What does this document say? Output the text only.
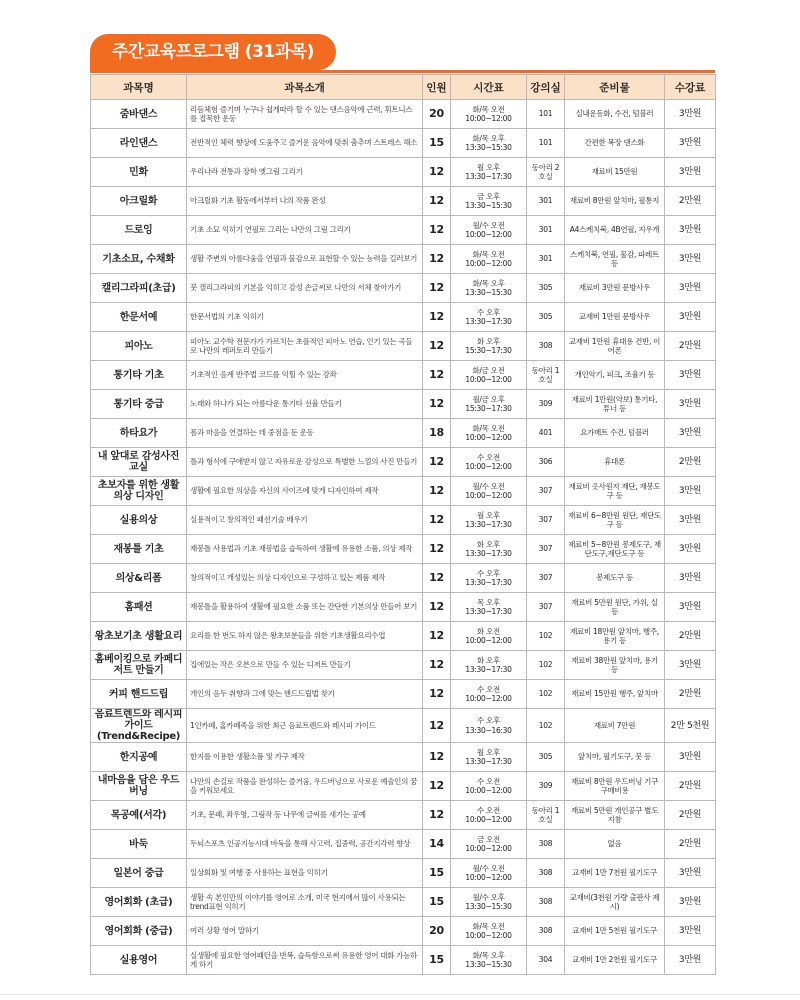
주간교육프로그램 (31과목)
과목명	과목소개	인원	시간표	강의실	준비물	수강료
줌바댄스	리듬체험 즐기며 누구나 쉽게따라 할 수 있는 댄스음악에 근력, 휘트니스를 접목한 운동	20	화/목 오전 10:00~12:00	101	실내운동화, 수건, 텀블러	3만원
라인댄스	전반적인 체력 향상에 도움주고 즐거운 음악에 맞춰 춤추며 스트레스 해소	15	화/목 오후 13:30~15:30	101	간편한 복장 댄스화	3만원
민화	우리나라 전통과 장학 옛그림 그리기	12	월 오후 13:30~17:30	동아리 2호실	재료비 15만원	3만원
아크릴화	아크릴화 기초 활동에서부터 나의 작품 완성	12	금 오후 13:30~15:30	301	재료비 8만원 앞치마, 필통지	2만원
드로잉	기초 소묘 익히기 연필로 그리는 나만의 그림 그리기	12	월/수 오전 10:00~12:00	301	A4스케치북, 4B연필, 지우개	3만원
기초소묘, 수채화	생활 주변의 아름다움을 연필과 물감으로 표현할 수 있는 능력을 길러보기	12	화/목 오전 10:00~12:00	301	스케치북, 연필, 물감, 파레트 등	3만원
캘리그라피(초급)	붓 캘리그라피의 기본을 익히고 감성 손글씨로 나만의 서체 찾아가기	12	화/목 오후 13:30~15:30	305	재료비 3만원 문방사우	3만원
한문서예	한문서법의 기초 익히기	12	수 오후 13:30~17:30	305	교재비 1만원 문방사우	3만원
피아노	피아노 교수학 전문가가 가르치는 초플적인 피아노 연습, 인기 있는 곡들로 나만의 레퍼토리 만들기	12	화 오후 15:30~17:30	308	교재비 1만원 휴대용 건반, 이어폰	2만원
통기타 기초	기초적인 음계 반주법 코드를 익힐 수 있는 강좌	12	화/금 오전 10:00~12:00	동아리 1호실	개인악기, 피크, 조율기 등	3만원
통기타 중급	노래와 하나가 되는 아름다운 통기타 선율 만들기	12	월/금 오후 15:30~17:30	309	재료비 1만원(악보) 통기타, 튜너 등	3만원
하타요가	몸과 마음을 연결하는 데 중점을 둔 운동	18	화/목 오전 10:00~12:00	401	요가매트 수건, 텀블러	3만원
내 앞대로 감성사진 교실	틀과 형식에 구애받지 않고 자유로운 감성으로 특별한 느낌의 사진 만들기	12	수 오전 10:00~12:00	306	휴대폰	2만원
초보자를 위한 생활의상 디자인	생활에 필요한 의상을 자신의 사이즈에 맞게 디자인하여 제작	12	월/수 오전 10:00~12:00	307	재료비 옷사원지 재단, 재봉도구 등	3만원
실용의상	실용적이고 창의적인 패션기술 배우기	12	월 오후 13:30~17:30	307	재료비 6~8만원 원단, 재단도구 등	3만원
재봉틀 기초	재봉틀 사용법과 기초 재봉법을 습득하여 생활에 유용한 소품, 의상 제작	12	화 오후 13:30~17:30	307	재료비 5~8만원 봉제도구, 재단도구,재단도구 등	3만원
의상&리폼	창의적이고 개성있는 의상 디자인으로 구성하고 있는 제품 제작	12	수 오후 13:30~17:30	307	봉제도구 등	3만원
홈패션	재봉틀을 활용하여 생활에 필요한 소품 또는 간단한 기본의상 만들어 보기	12	목 오후 13:30~17:30	307	재료비 5만원 원단, 가위, 실 등	3만원
왕초보기초 생활요리	요리를 한 번도 하지 않은 왕초보분들을 위한 기초생활요리수업	12	화 오전 10:00~12:00	102	재료비 18만원 앞치마, 행주, 용기 등	2만원
홈베이킹으로 카페디저트 만들기	집에있는 작은 오븐으로 만들 수 있는 디저트 만들기	12	화 오후 13:30~17:30	102	재료비 38만원 앞치마, 용기 등	3만원
커피 핸드드립	개인의 음두 취향과 그에 맞는 핸드드립법 찾기	12	수 오전 10:00~12:00	102	재료비 15만원 행주, 앞치마	2만원
음료트렌드와 레시피가이드 (Trend&Recipe)	1인카페, 홈카페족을 위한 최근 음료트렌드와 레시피 가이드	12	수 오후 13:30~16:30	102	재료비 7만원	2만 5천원
한지공예	한지를 이용한 생활소품 및 가구 제작	12	월 오후 13:30~17:30	305	앞치마, 필기도구, 붓 등	3만원
내마음을 담은 우드버닝	나만의 손길로 작품을 완성하는 즐거움, 우드버닝으로 사로운 예술인의 꿈을 키워보세요	12	수 오전 10:00~12:00	309	재료비 8만원 우드버닝 기구 구매비용	2만원
목공예(서각)	기초, 문패, 좌우명, 그림작 등 나무에 글씨를 새기는 공예	12	수 오전 10:00~12:00	동아리 1호실	재료비 5만원 개인공구 별도 지참	2만원
바둑	두뇌스포츠 인공지능시대 바둑을 통해 사고력, 집중력, 공간지각력 향상	14	금 오전 10:00~12:00	308	없음	2만원
일본어 중급	일상회화 및 여행 중 사용하는 표현을 익히기	15	월/수 오전 10:00~12:00	308	교재비 1만 7천원 필기도구	3만원
영어회화 (초급)	생활 속 본인만의 이야기를 영어로 소개, 미국 현지에서 많이 사용되는 trend표현 익히기	15	월/수 오후 13:30~15:30	308	교재비(3천원 가량 출판사 제시)	3만원
영어회화 (중급)	여러 상황 영어 말하기	20	화/목 오전 10:00~12:00	308	교재비 1만 5천원 필기도구	3만원
실용영어	실생활에 필요한 영어패턴을 반복, 습득함으로써 유용한 영어 대화 가능하게 하기	15	화/목 오후 13:30~15:30	304	교재비 1만 2천원 필기도구	3만원
